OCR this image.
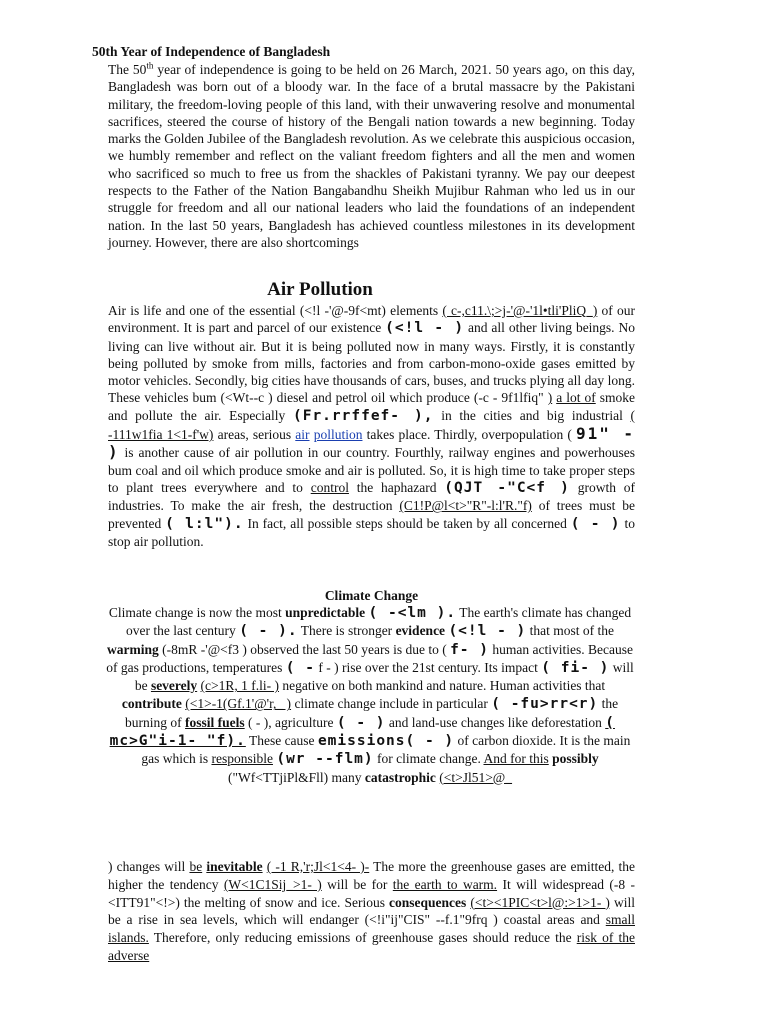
50th Year of Independence of Bangladesh
The 50th year of independence is going to be held on 26 March, 2021. 50 years ago, on this day, Bangladesh was born out of a bloody war. In the face of a brutal massacre by the Pakistani military, the freedom-loving people of this land, with their unwavering resolve and monumental sacrifices, steered the course of history of the Bengali nation towards a new beginning. Today marks the Golden Jubilee of the Bangladesh revolution. As we celebrate this auspicious occasion, we humbly remember and reflect on the valiant freedom fighters and all the men and women who sacrificed so much to free us from the shackles of Pakistani tyranny. We pay our deepest respects to the Father of the Nation Bangabandhu Sheikh Mujibur Rahman who led us in our struggle for freedom and all our national leaders who laid the foundations of an independent nation. In the last 50 years, Bangladesh has achieved countless milestones in its development journey. However, there are also shortcomings
Air Pollution
Air is life and one of the essential (<!l -'@-9f<mt) elements ( c-,c11.\;>j-'@-'1l•tli'PliQ_) of our environment. It is part and parcel of our existence (<!l - ) and all other living beings. No living can live without air. But it is being polluted now in many ways. Firstly, it is constantly being polluted by smoke from mills, factories and from carbon-mono-oxide gases emitted by motor vehicles. Secondly, big cities have thousands of cars, buses, and trucks plying all day long. These vehicles bum (<Wt--c ) diesel and petrol oil which produce (-c - 9f1lfiq" ) a lot of smoke and pollute the air. Especially (Fr.rrffef- ), in the cities and big industrial ( -111w1fia 1<1-f'w) areas, serious air pollution takes place. Thirdly, overpopulation ( 91" - ) is another cause of air pollution in our country. Fourthly, railway engines and powerhouses bum coal and oil which produce smoke and air is polluted. So, it is high time to take proper steps to plant trees everywhere and to control the haphazard (QJT -"C<f ) growth of industries. To make the air fresh, the destruction (C1!P@l<t>"R"-l:l'R."f) of trees must be prevented ( l:l"). In fact, all possible steps should be taken by all concerned ( - ) to stop air pollution.
Climate Change
Climate change is now the most unpredictable ( -<lm ). The earth's climate has changed over the last century ( - ). There is stronger evidence (<!l - ) that most of the warming (-8mR -'@<f3 ) observed the last 50 years is due to ( f- ) human activities. Because of gas productions, temperatures ( - f - ) rise over the 21st century. Its impact ( fi- ) will be severely (c>1R, 1 f.li- ) negative on both mankind and nature. Human activities that contribute (<1>-1(Gf.1'@'r,_ ) climate change include in particular ( -fu>rr<r) the burning of fossil fuels ( - ), agriculture ( - ) and land-use changes like deforestation ( mc>G"i-1- "f). These cause emissions( - ) of carbon dioxide. It is the main gas which is responsible (wr --flm) for climate change. And for this possibly ("Wf<TTjiPl&Fll) many catastrophic (<t>Jl51>@_
) changes will be inevitable ( -1 R,'r;Jl<1<4- )- The more the greenhouse gases are emitted, the higher the tendency (W<1C1Sij_>1- ) will be for the earth to warm. It will widespread (-8 -<ITT91"<!>) the melting of snow and ice. Serious consequences (<t><1PIC<t>l@:>1>1- ) will be a rise in sea levels, which will endanger (<!i"ij"CIS" --f.1"9frq ) coastal areas and small islands. Therefore, only reducing emissions of greenhouse gases should reduce the risk of the adverse
